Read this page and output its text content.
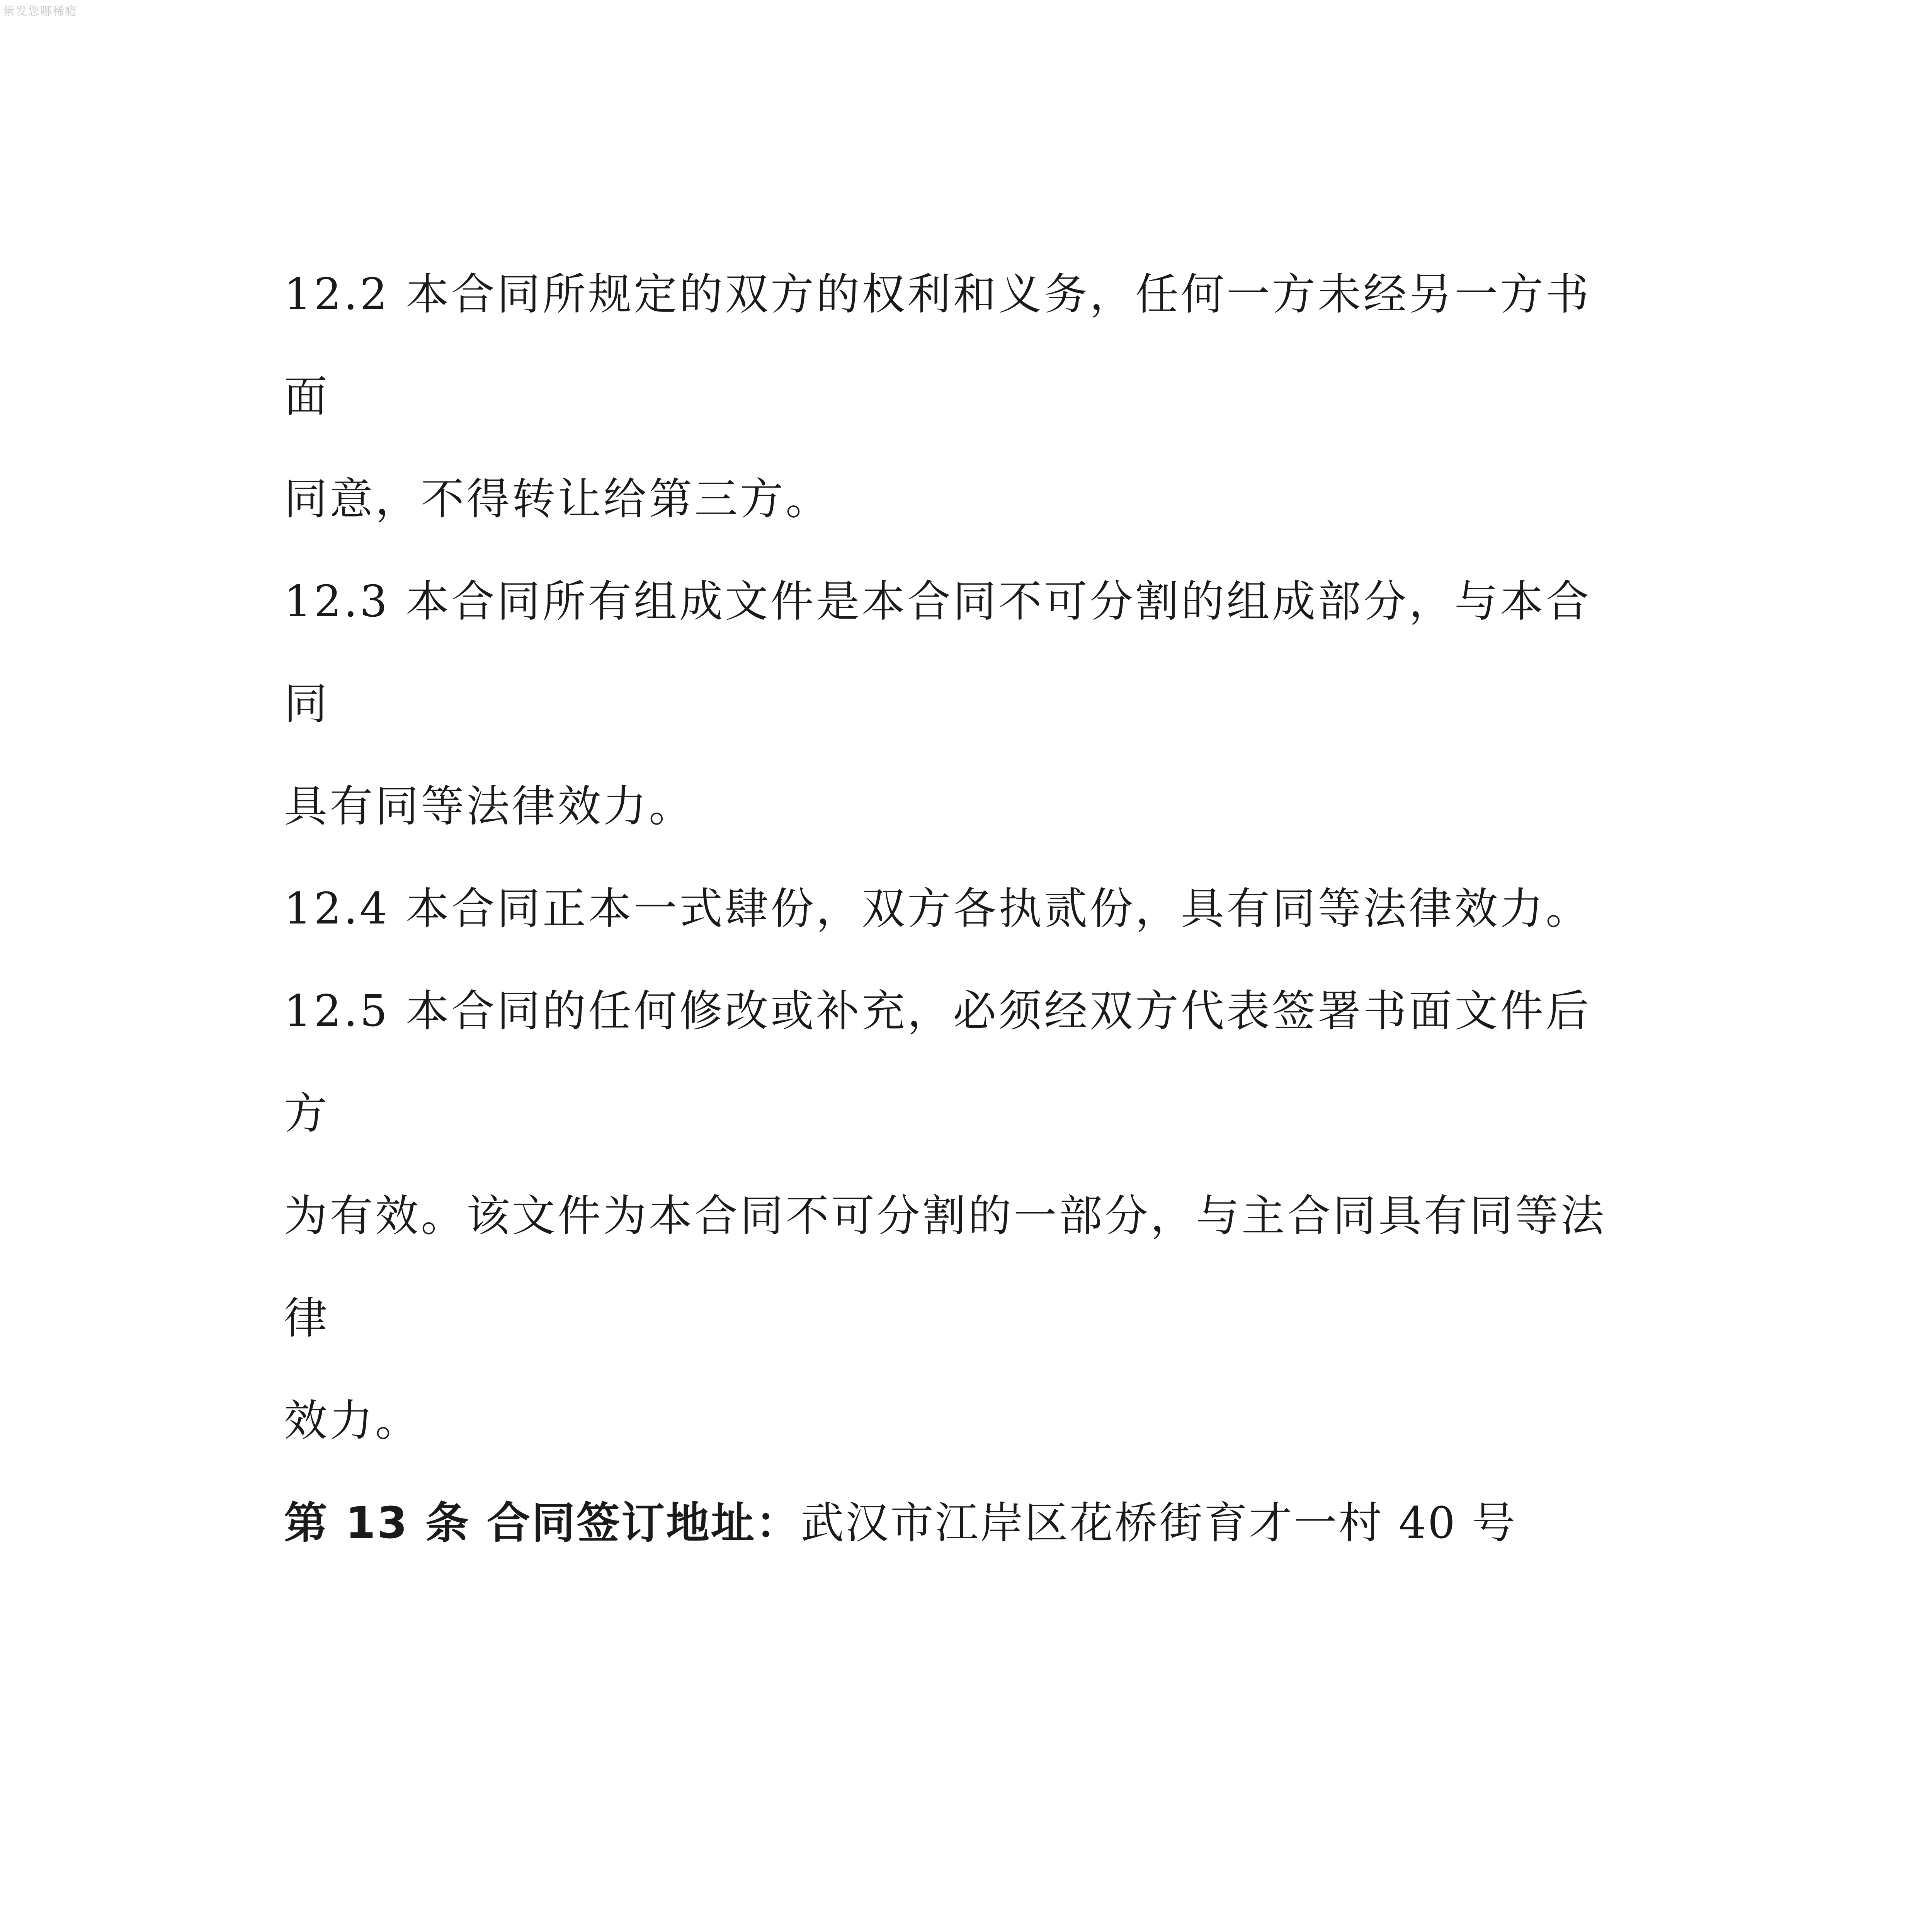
紫发您哪稀瘾

12.2 本合同所规定的双方的权利和义务，任何一方未经另一方书面
同意，不得转让给第三方。

12.3 本合同所有组成文件是本合同不可分割的组成部分，与本合同
具有同等法律效力。

12.4 本合同正本一式肆份，双方各执贰份，具有同等法律效力。

12.5 本合同的任何修改或补充，必须经双方代表签署书面文件后方
为有效。该文件为本合同不可分割的一部分，与主合同具有同等法律
效力。

第 13 条 合同签订地址：武汉市江岸区花桥街育才一村 40 号
